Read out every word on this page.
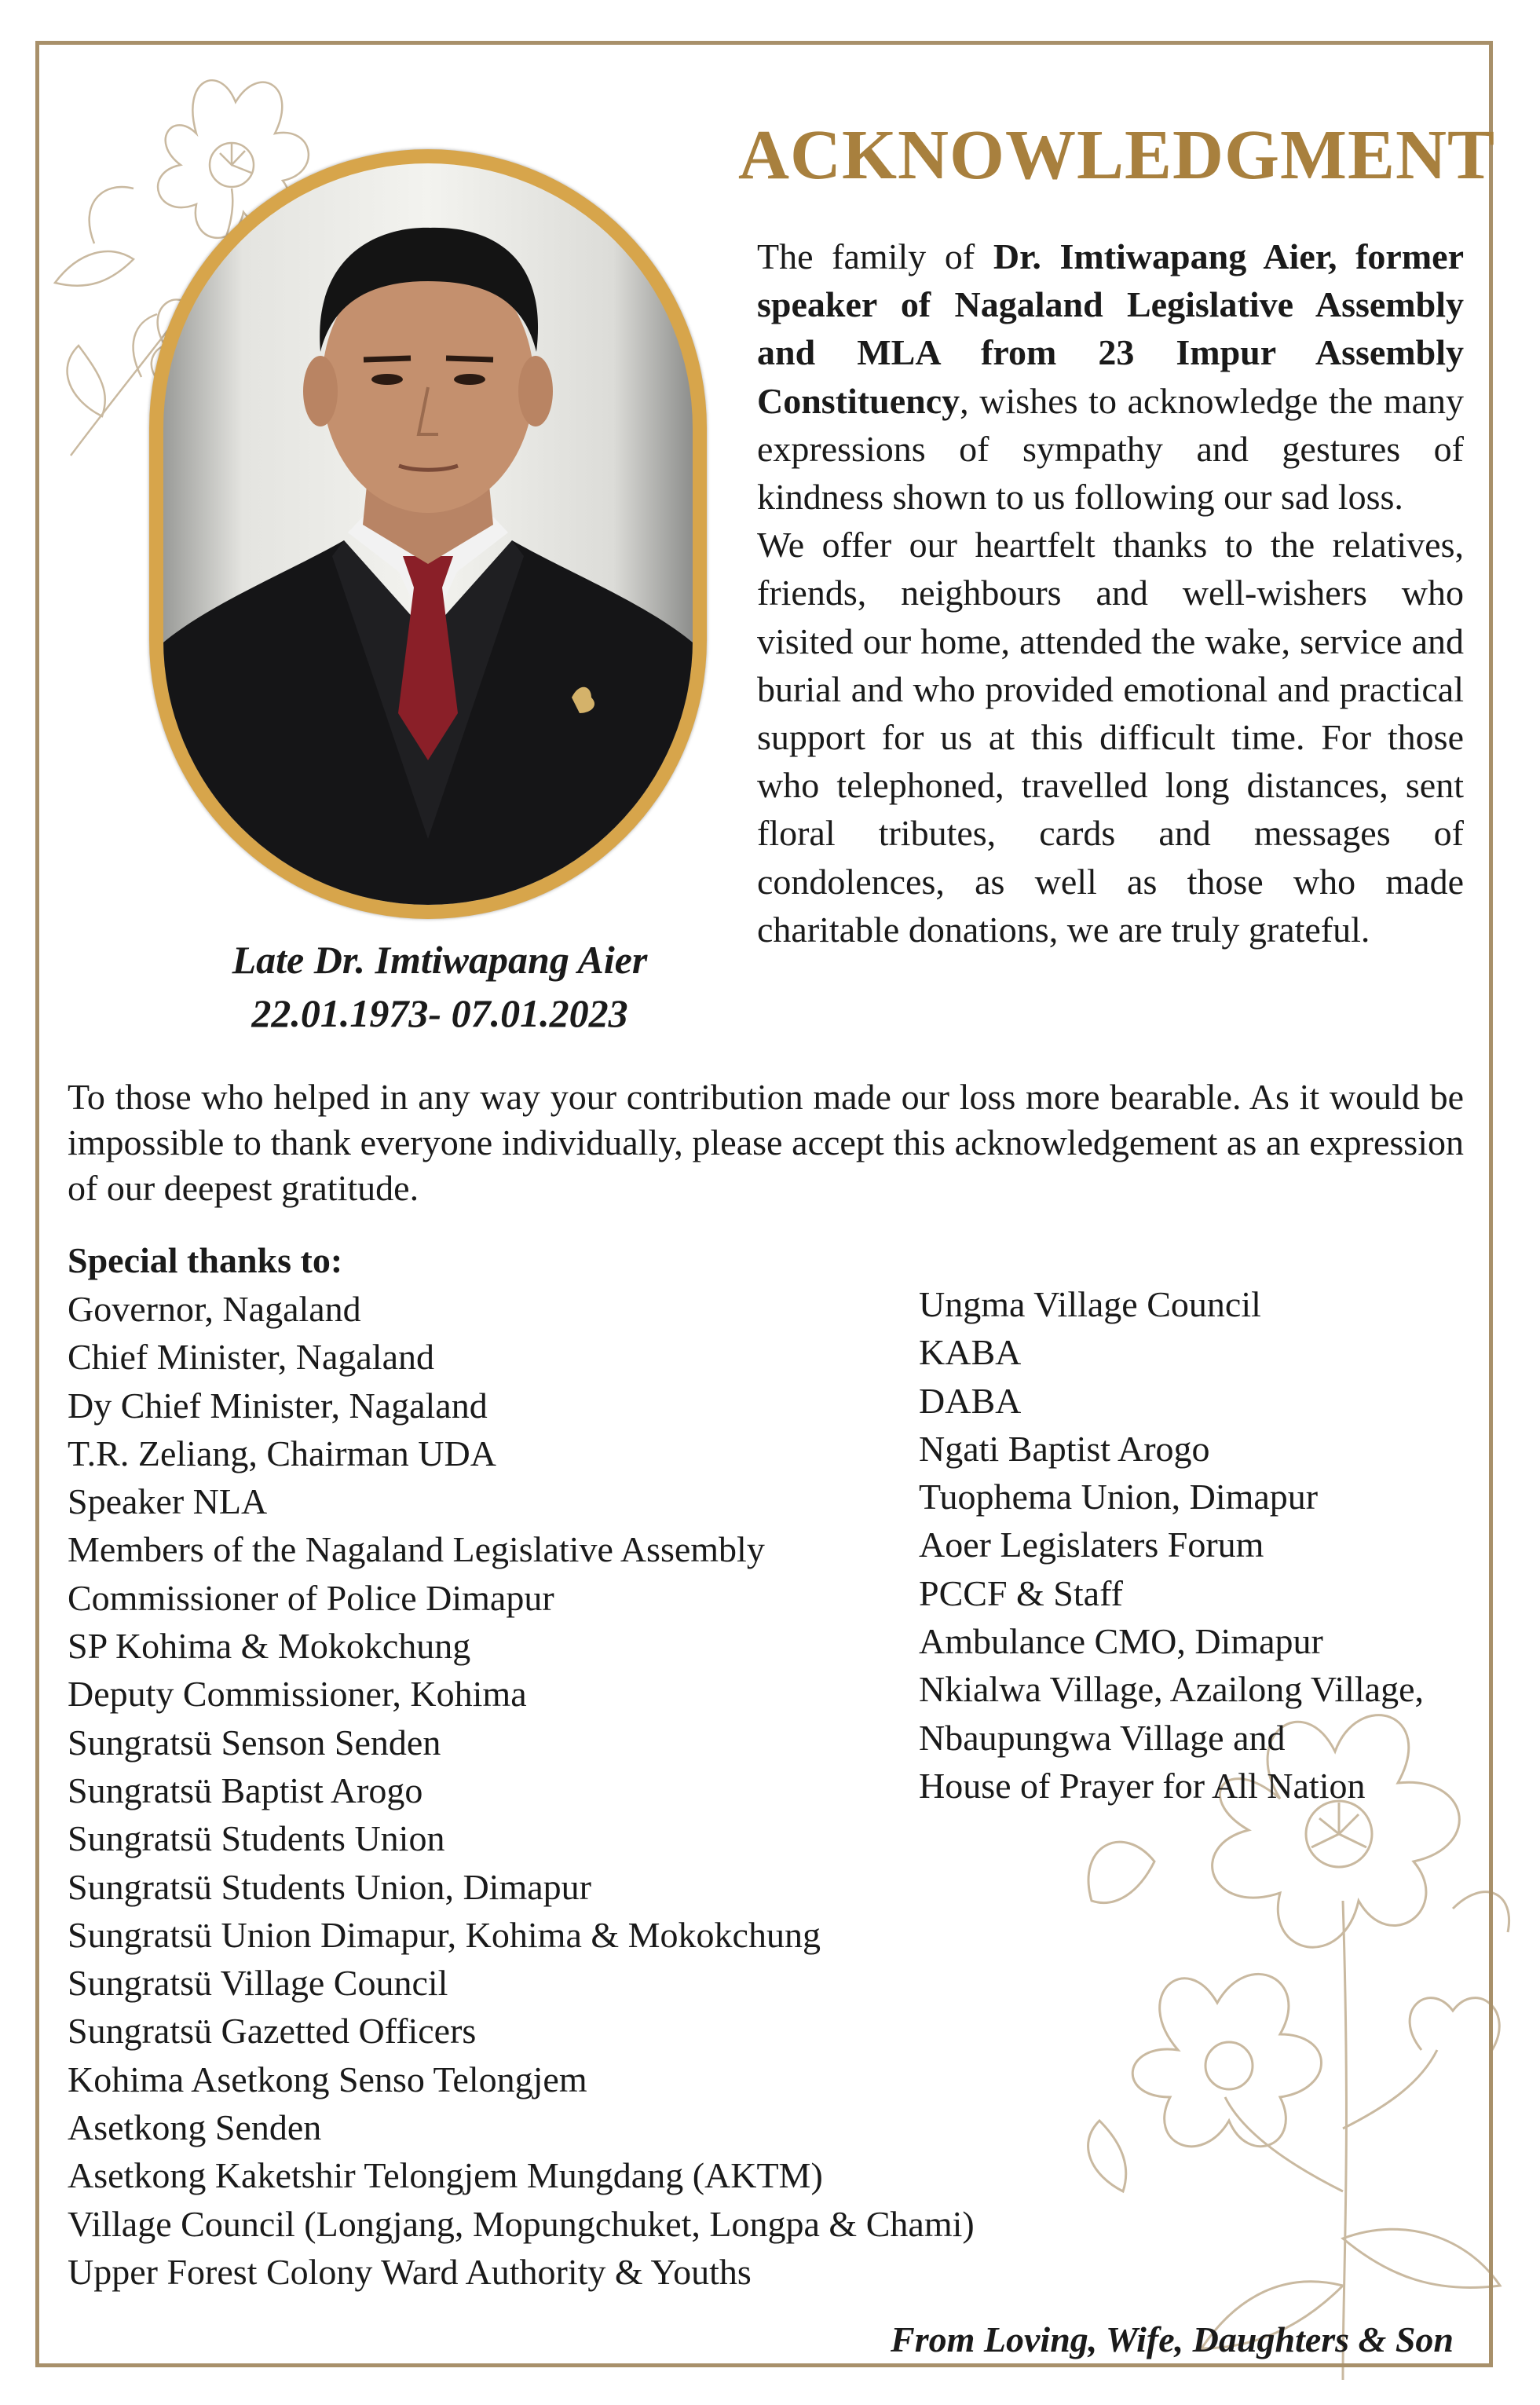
ACKNOWLEDGMENT
Late Dr. Imtiwapang Aier
22.01.1973- 07.01.2023

The family of Dr. Imtiwapang Aier, former speaker of Nagaland Legislative Assembly and MLA from 23 Impur Assembly Constituency, wishes to acknowledge the many expressions of sympathy and gestures of kindness shown to us following our sad loss.

We offer our heartfelt thanks to the relatives, friends, neighbours and well-wishers who visited our home, attended the wake, service and burial and who provided emotional and practical support for us at this difficult time. For those who telephoned, travelled long distances, sent floral tributes, cards and messages of condolences, as well as those who made charitable donations, we are truly grateful.

To those who helped in any way your contribution made our loss more bearable. As it would be impossible to thank everyone individually, please accept this acknowledgement as an expression of our deepest gratitude.
Special thanks to:
Governor, Nagaland
Chief Minister, Nagaland
Dy Chief Minister, Nagaland
T.R. Zeliang, Chairman UDA
Speaker NLA
Members of the Nagaland Legislative Assembly
Commissioner of Police Dimapur
SP Kohima & Mokokchung
Deputy Commissioner, Kohima
Sungratsü Senson Senden
Sungratsü Baptist Arogo
Sungratsü Students Union
Sungratsü Students Union, Dimapur
Sungratsü Union Dimapur, Kohima & Mokokchung
Sungratsü Village Council
Sungratsü Gazetted Officers
Kohima Asetkong Senso Telongjem
Asetkong Senden
Asetkong Kaketshir Telongjem Mungdang (AKTM)
Village Council (Longjang, Mopungchuket, Longpa & Chami)
Upper Forest Colony Ward Authority & Youths
Ungma Village Council
KABA
DABA
Ngati Baptist Arogo
Tuophema Union, Dimapur
Aoer Legislaters Forum
PCCF & Staff
Ambulance CMO, Dimapur
Nkialwa Village, Azailong Village,
Nbaupungwa Village and
House of Prayer for All Nation
From Loving, Wife, Daughters & Son
